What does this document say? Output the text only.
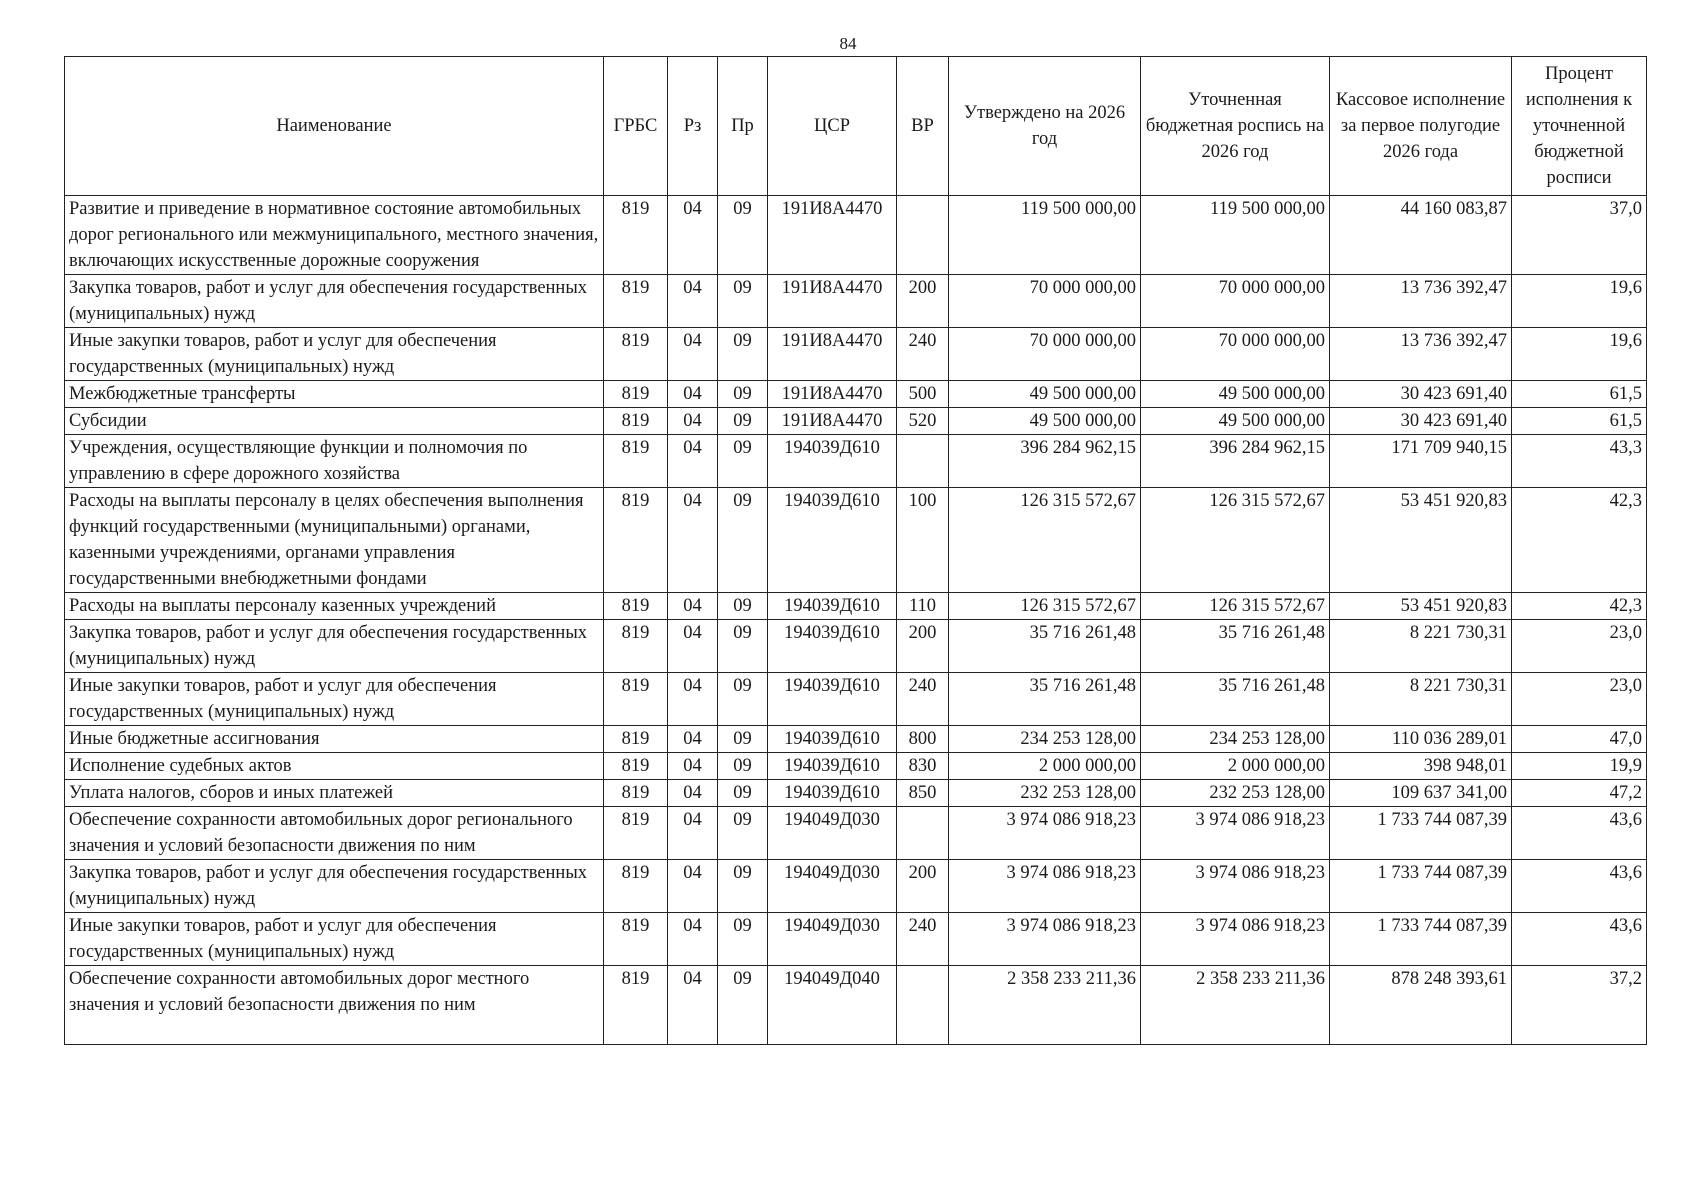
84
Наименование	ГРБС	Рз	Пр	ЦСР	ВР	Утверждено на 2026 год	Уточненная бюджетная роспись на 2026 год	Кассовое исполнение за первое полугодие 2026 года	Процент исполнения к уточненной бюджетной росписи
Развитие и приведение в нормативное состояние автомобильных дорог регионального или межмуниципального, местного значения, включающих искусственные дорожные сооружения	819	04	09	191И8А4470		119 500 000,00	119 500 000,00	44 160 083,87	37,0
Закупка товаров, работ и услуг для обеспечения государственных (муниципальных) нужд	819	04	09	191И8А4470	200	70 000 000,00	70 000 000,00	13 736 392,47	19,6
Иные закупки товаров, работ и услуг для обеспечения государственных (муниципальных) нужд	819	04	09	191И8А4470	240	70 000 000,00	70 000 000,00	13 736 392,47	19,6
Межбюджетные трансферты	819	04	09	191И8А4470	500	49 500 000,00	49 500 000,00	30 423 691,40	61,5
Субсидии	819	04	09	191И8А4470	520	49 500 000,00	49 500 000,00	30 423 691,40	61,5
Учреждения, осуществляющие функции и полномочия по управлению в сфере дорожного хозяйства	819	04	09	194039Д610		396 284 962,15	396 284 962,15	171 709 940,15	43,3
Расходы на выплаты персоналу в целях обеспечения выполнения функций государственными (муниципальными) органами, казенными учреждениями, органами управления государственными внебюджетными фондами	819	04	09	194039Д610	100	126 315 572,67	126 315 572,67	53 451 920,83	42,3
Расходы на выплаты персоналу казенных учреждений	819	04	09	194039Д610	110	126 315 572,67	126 315 572,67	53 451 920,83	42,3
Закупка товаров, работ и услуг для обеспечения государственных (муниципальных) нужд	819	04	09	194039Д610	200	35 716 261,48	35 716 261,48	8 221 730,31	23,0
Иные закупки товаров, работ и услуг для обеспечения государственных (муниципальных) нужд	819	04	09	194039Д610	240	35 716 261,48	35 716 261,48	8 221 730,31	23,0
Иные бюджетные ассигнования	819	04	09	194039Д610	800	234 253 128,00	234 253 128,00	110 036 289,01	47,0
Исполнение судебных актов	819	04	09	194039Д610	830	2 000 000,00	2 000 000,00	398 948,01	19,9
Уплата налогов, сборов и иных платежей	819	04	09	194039Д610	850	232 253 128,00	232 253 128,00	109 637 341,00	47,2
Обеспечение сохранности автомобильных дорог регионального значения и условий безопасности движения по ним	819	04	09	194049Д030		3 974 086 918,23	3 974 086 918,23	1 733 744 087,39	43,6
Закупка товаров, работ и услуг для обеспечения государственных (муниципальных) нужд	819	04	09	194049Д030	200	3 974 086 918,23	3 974 086 918,23	1 733 744 087,39	43,6
Иные закупки товаров, работ и услуг для обеспечения государственных (муниципальных) нужд	819	04	09	194049Д030	240	3 974 086 918,23	3 974 086 918,23	1 733 744 087,39	43,6
Обеспечение сохранности автомобильных дорог местного значения и условий безопасности движения по ним	819	04	09	194049Д040		2 358 233 211,36	2 358 233 211,36	878 248 393,61	37,2
